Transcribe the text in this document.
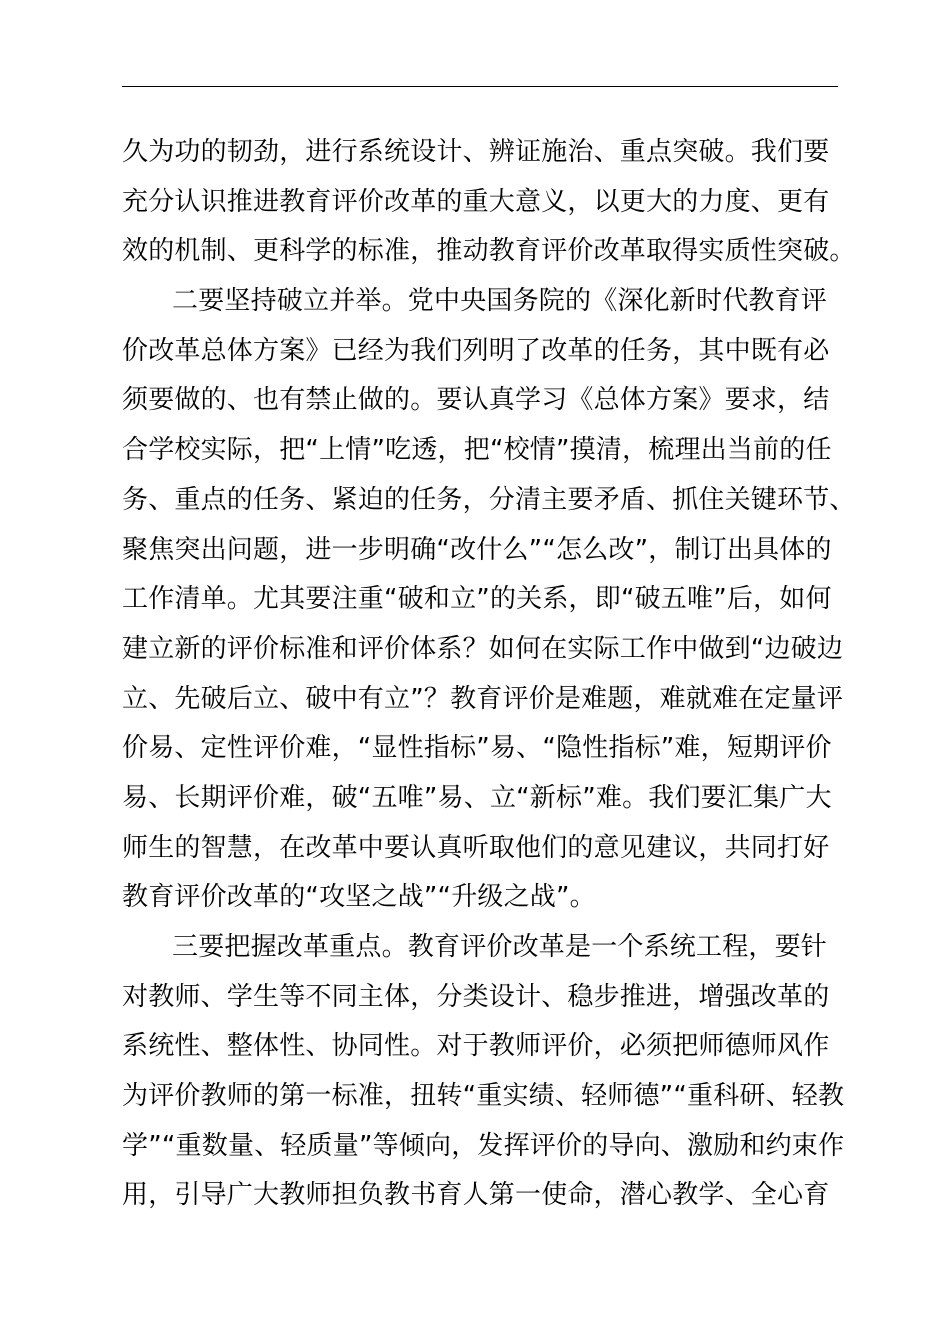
久为功的韧劲，进行系统设计、辨证施治、重点突破。我们要
充分认识推进教育评价改革的重大意义，以更大的力度、更有
效的机制、更科学的标准，推动教育评价改革取得实质性突破。
二要坚持破立并举。党中央国务院的《深化新时代教育评
价改革总体方案》已经为我们列明了改革的任务，其中既有必
须要做的、也有禁止做的。要认真学习《总体方案》要求，结
合学校实际，把“上情”吃透，把“校情”摸清，梳理出当前的任
务、重点的任务、紧迫的任务，分清主要矛盾、抓住关键环节、
聚焦突出问题，进一步明确“改什么”“怎么改”，制订出具体的
工作清单。尤其要注重“破和立”的关系，即“破五唯”后，如何
建立新的评价标准和评价体系？如何在实际工作中做到“边破边
立、先破后立、破中有立”？教育评价是难题，难就难在定量评
价易、定性评价难，“显性指标”易、“隐性指标”难，短期评价
易、长期评价难，破“五唯”易、立“新标”难。我们要汇集广大
师生的智慧，在改革中要认真听取他们的意见建议，共同打好
教育评价改革的“攻坚之战”“升级之战”。
三要把握改革重点。教育评价改革是一个系统工程，要针
对教师、学生等不同主体，分类设计、稳步推进，增强改革的
系统性、整体性、协同性。对于教师评价，必须把师德师风作
为评价教师的第一标准，扭转“重实绩、轻师德”“重科研、轻教
学”“重数量、轻质量”等倾向，发挥评价的导向、激励和约束作
用，引导广大教师担负教书育人第一使命，潜心教学、全心育
